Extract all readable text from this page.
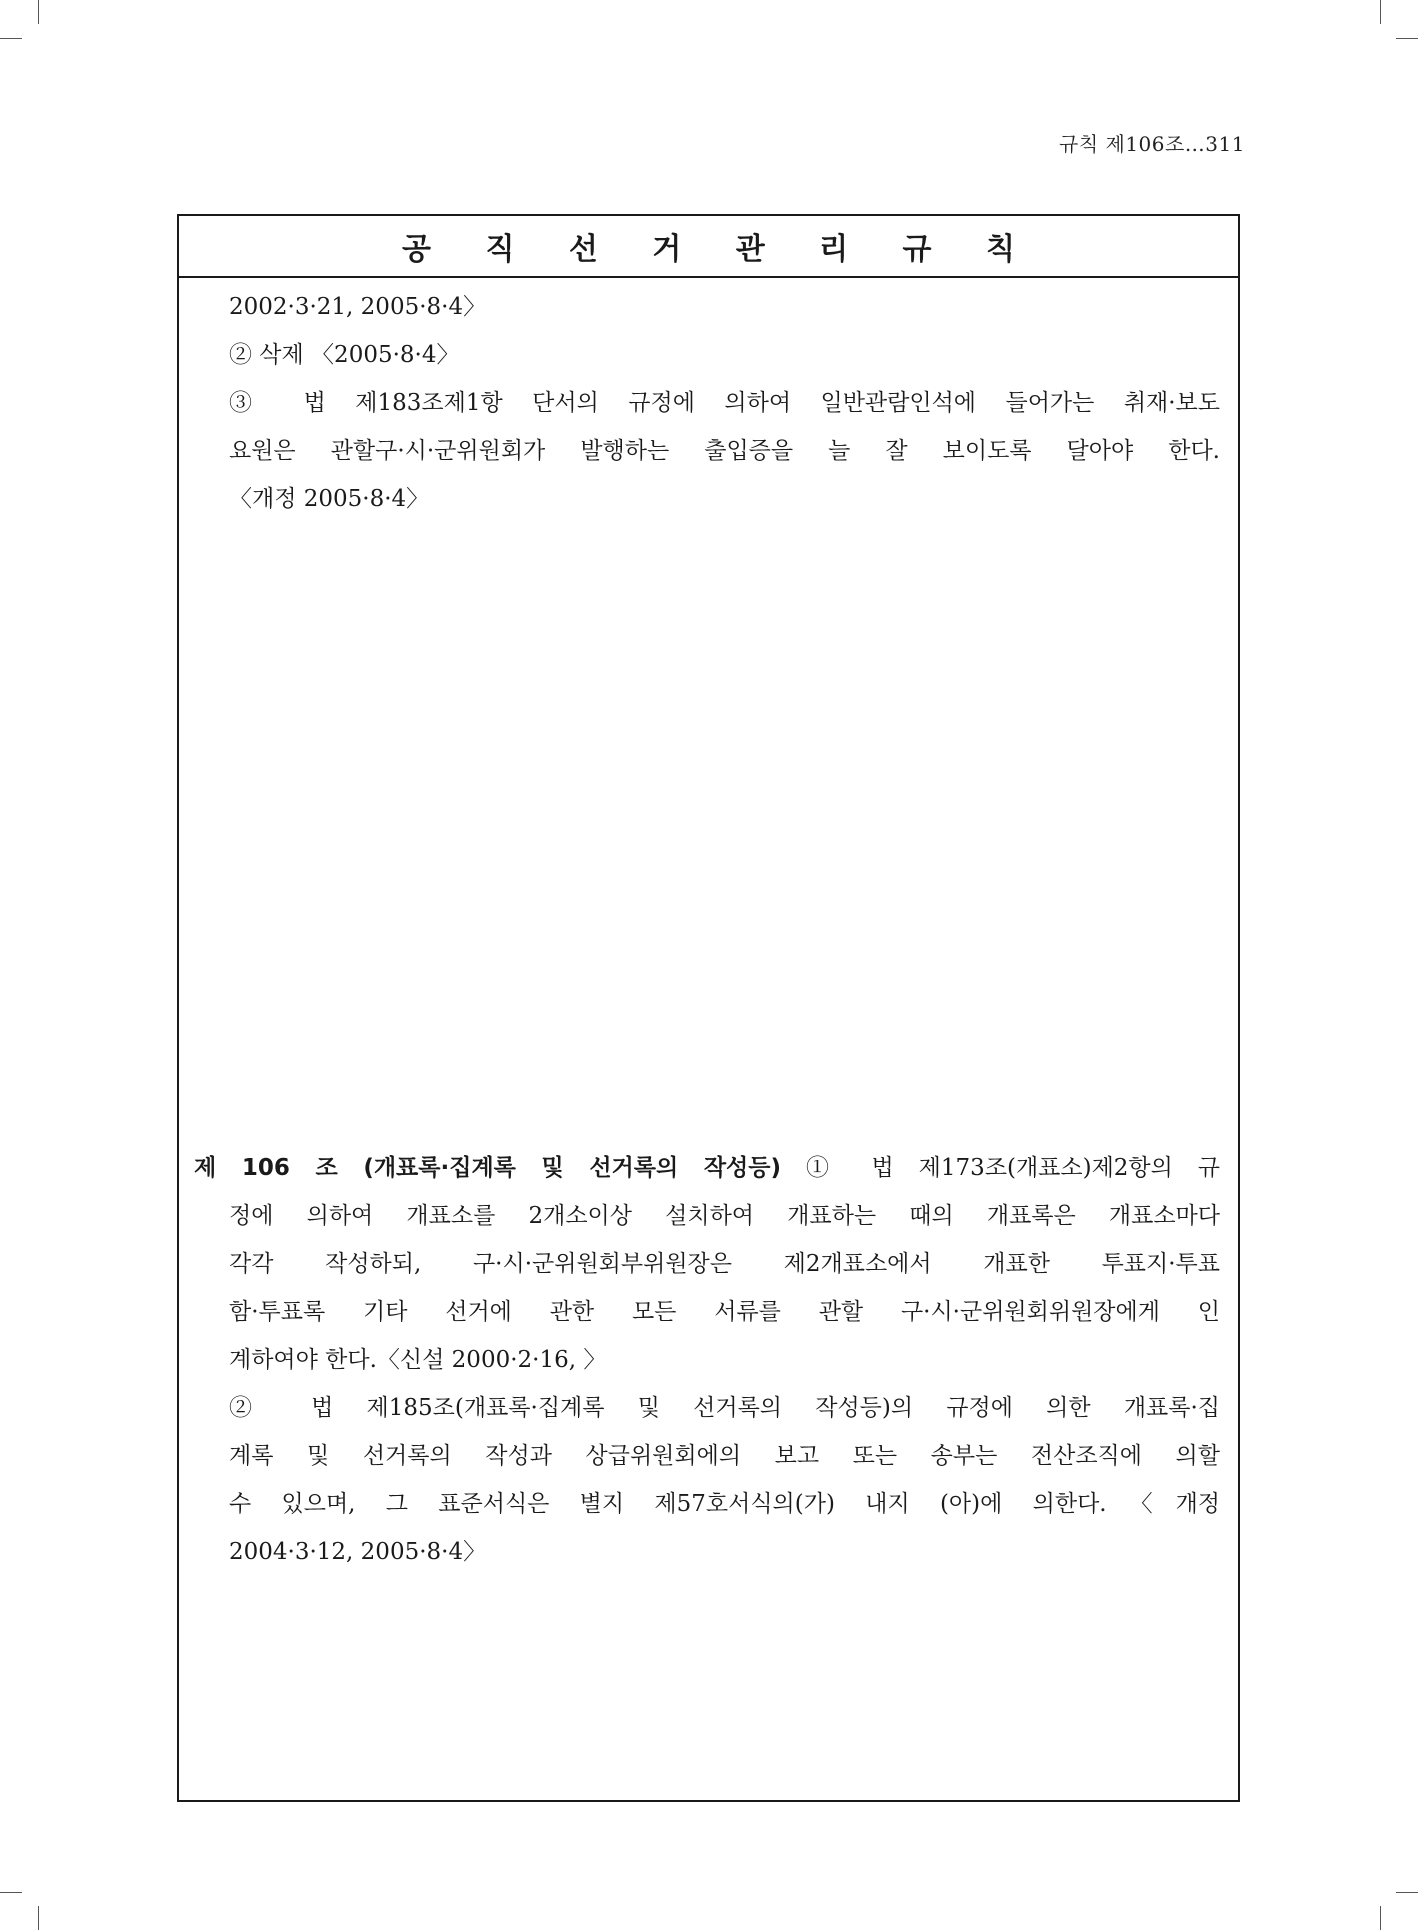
규칙 제106조…311
공 직 선 거 관 리 규 칙
2002·3·21, 2005·8·4〉
② 삭제 〈2005·8·4〉
③ 법 제183조제1항 단서의 규정에 의하여 일반관람인석에 들어가는 취재·보도
요원은 관할구·시·군위원회가 발행하는 출입증을 늘 잘 보이도록 달아야 한다.
〈개정 2005·8·4〉
제 106 조 (개표록·집계록 및 선거록의 작성등) ① 법 제173조(개표소)제2항의 규
정에 의하여 개표소를 2개소이상 설치하여 개표하는 때의 개표록은 개표소마다
각각 작성하되, 구·시·군위원회부위원장은 제2개표소에서 개표한 투표지·투표
함·투표록 기타 선거에 관한 모든 서류를 관할 구·시·군위원회위원장에게 인
계하여야 한다.〈신설 2000·2·16, 〉
② 법 제185조(개표록·집계록 및 선거록의 작성등)의 규정에 의한 개표록·집
계록 및 선거록의 작성과 상급위원회에의 보고 또는 송부는 전산조직에 의할
수 있으며, 그 표준서식은 별지 제57호서식의(가) 내지 (아)에 의한다.〈개정
2004·3·12, 2005·8·4〉
